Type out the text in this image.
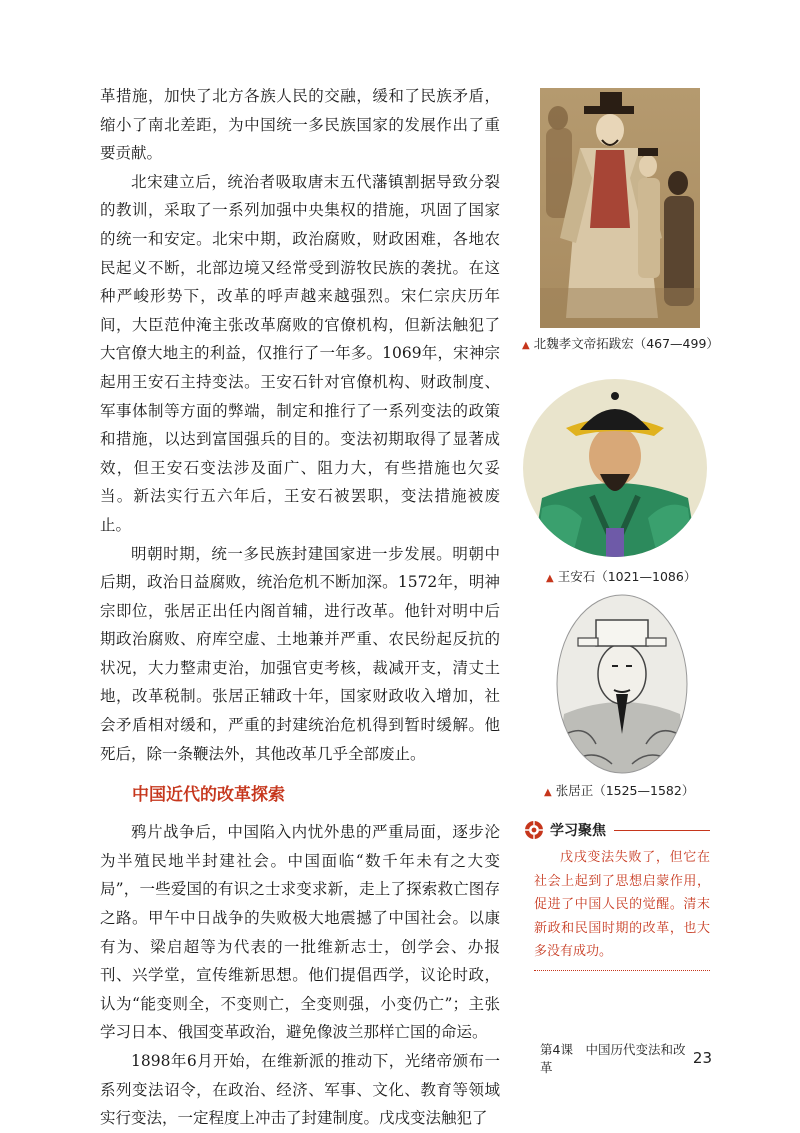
革措施，加快了北方各族人民的交融，缓和了民族矛盾，缩小了南北差距，为中国统一多民族国家的发展作出了重要贡献。

北宋建立后，统治者吸取唐末五代藩镇割据导致分裂的教训，采取了一系列加强中央集权的措施，巩固了国家的统一和安定。北宋中期，政治腐败，财政困难，各地农民起义不断，北部边境又经常受到游牧民族的袭扰。在这种严峻形势下，改革的呼声越来越强烈。宋仁宗庆历年间，大臣范仲淹主张改革腐败的官僚机构，但新法触犯了大官僚大地主的利益，仅推行了一年多。1069年，宋神宗起用王安石主持变法。王安石针对官僚机构、财政制度、军事体制等方面的弊端，制定和推行了一系列变法的政策和措施，以达到富国强兵的目的。变法初期取得了显著成效，但王安石变法涉及面广、阻力大，有些措施也欠妥当。新法实行五六年后，王安石被罢职，变法措施被废止。

明朝时期，统一多民族封建国家进一步发展。明朝中后期，政治日益腐败，统治危机不断加深。1572年，明神宗即位，张居正出任内阁首辅，进行改革。他针对明中后期政治腐败、府库空虚、土地兼并严重、农民纷起反抗的状况，大力整肃吏治，加强官吏考核，裁减开支，清丈土地，改革税制。张居正辅政十年，国家财政收入增加，社会矛盾相对缓和，严重的封建统治危机得到暂时缓解。他死后，除一条鞭法外，其他改革几乎全部废止。

中国近代的改革探索

鸦片战争后，中国陷入内忧外患的严重局面，逐步沦为半殖民地半封建社会。中国面临“数千年未有之大变局”，一些爱国的有识之士求变求新，走上了探索救亡图存之路。甲午中日战争的失败极大地震撼了中国社会。以康有为、梁启超等为代表的一批维新志士，创学会、办报刊、兴学堂，宣传维新思想。他们提倡西学，议论时政，认为“能变则全，不变则亡，全变则强，小变仍亡”；主张学习日本、俄国变革政治，避免像波兰那样亡国的命运。

1898年6月开始，在维新派的推动下，光绪帝颁布一系列变法诏令，在政治、经济、军事、文化、教育等领域实行变法，一定程度上冲击了封建制度。戊戌变法触犯了

▲ 北魏孝文帝拓跋宏（467—499）
▲ 王安石（1021—1086）
▲ 张居正（1525—1582）
学习聚焦
戊戌变法失败了，但它在社会上起到了思想启蒙作用，促进了中国人民的觉醒。清末新政和民国时期的改革，也大多没有成功。
第4课　中国历代变法和改革
23
